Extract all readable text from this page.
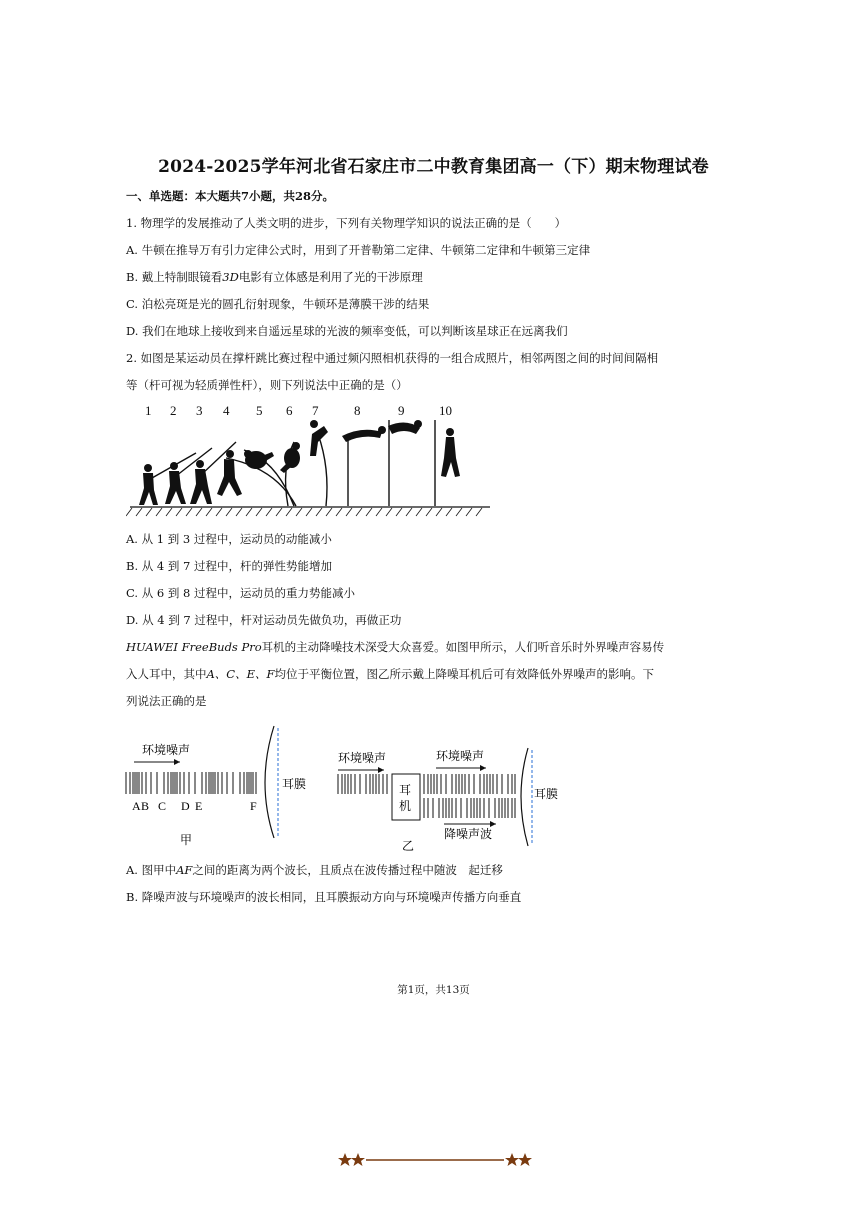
2024-2025学年河北省石家庄市二中教育集团高一（下）期末物理试卷
一、单选题：本大题共7小题，共28分。
1. 物理学的发展推动了人类文明的进步，下列有关物理学知识的说法正确的是（　　）
A. 牛顿在推导万有引力定律公式时，用到了开普勒第二定律、牛顿第二定律和牛顿第三定律
B. 戴上特制眼镜看3D电影有立体感是利用了光的干涉原理
C. 泊松亮斑是光的圆孔衍射现象，牛顿环是薄膜干涉的结果
D. 我们在地球上接收到来自遥远星球的光波的频率变低，可以判断该星球正在远离我们
2. 如图是某运动员在撑杆跳比赛过程中通过频闪照相机获得的一组合成照片，相邻两图之间的时间间隔相
等（杆可视为轻质弹性杆），则下列说法中正确的是（）
1 2 3 4 5 6 7	8	9	10
A. 从 1 到 3 过程中，运动员的动能减小
B. 从 4 到 7 过程中，杆的弹性势能增加
C. 从 6 到 8 过程中，运动员的重力势能减小
D. 从 4 到 7 过程中，杆对运动员先做负功，再做正功
HUAWEI FreeBuds Pro耳机的主动降噪技术深受大众喜爱。如图甲所示，人们听音乐时外界噪声容易传
入人耳中，其中A、C、E、F均位于平衡位置，图乙所示戴上降噪耳机后可有效降低外界噪声的影响。下
列说法正确的是
环境噪声
耳膜
A B C D E	F
甲
环境噪声
耳
机
环境噪声
降噪声波
耳膜
乙
A. 图甲中AF之间的距离为两个波长，且质点在波传播过程中随波　起迁移
B. 降噪声波与环境噪声的波长相同，且耳膜振动方向与环境噪声传播方向垂直
第1页，共13页
